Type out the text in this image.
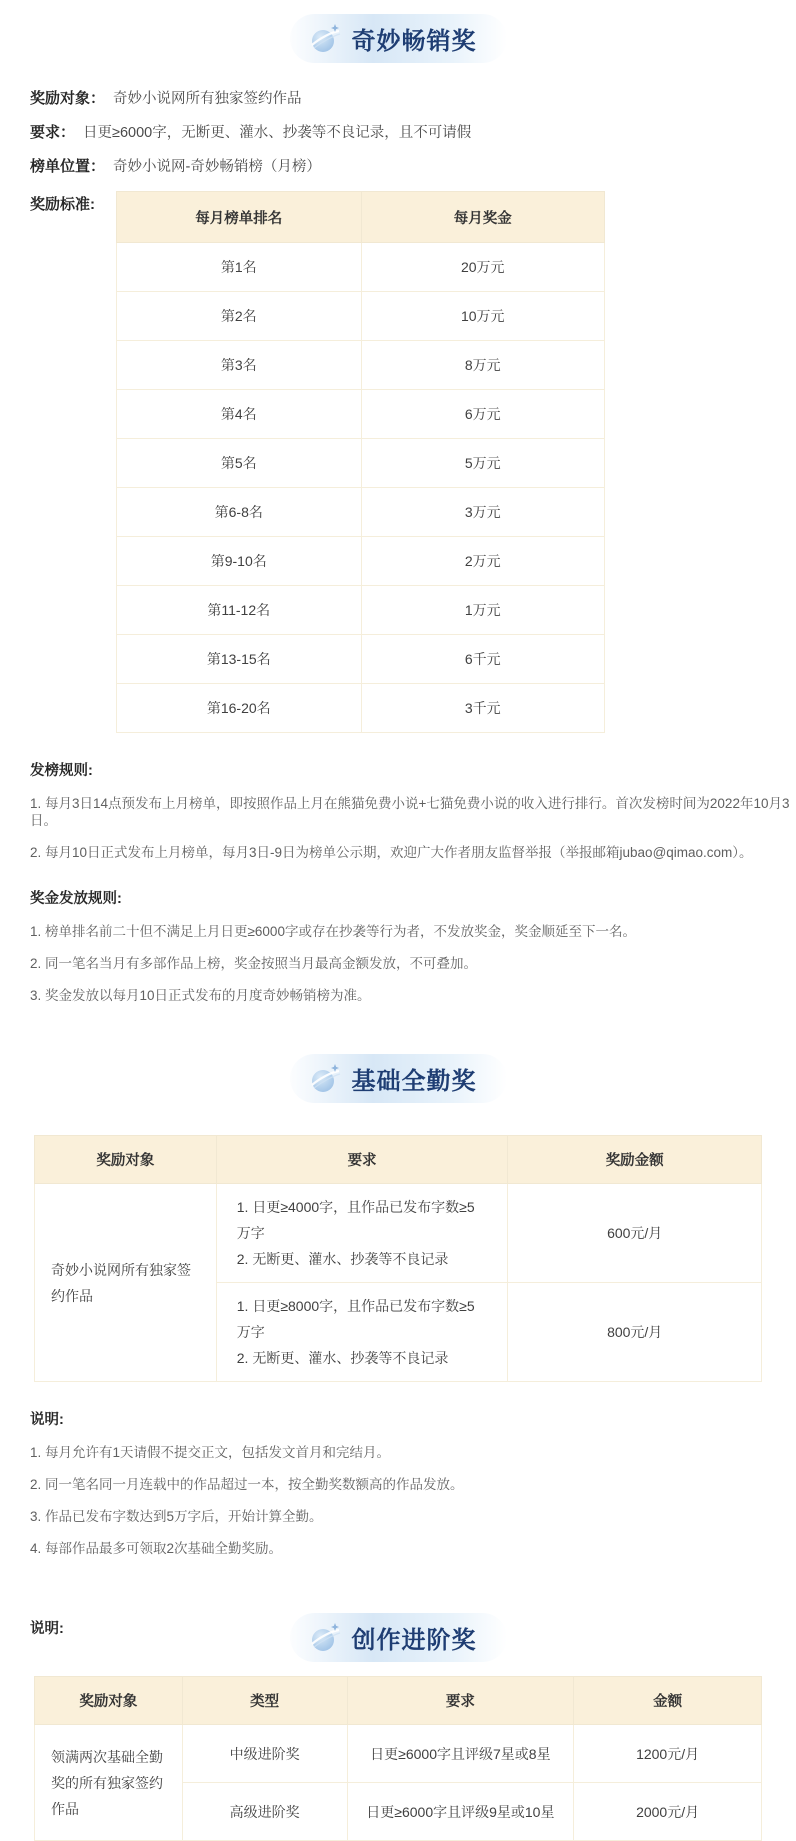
奇妙畅销奖
奖励对象： 奇妙小说网所有独家签约作品
要求： 日更≥6000字，无断更、灌水、抄袭等不良记录，且不可请假
榜单位置： 奇妙小说网-奇妙畅销榜（月榜）
奖励标准:
每月榜单排名	每月奖金
第1名	20万元
第2名	10万元
第3名	8万元
第4名	6万元
第5名	5万元
第6-8名	3万元
第9-10名	2万元
第11-12名	1万元
第13-15名	6千元
第16-20名	3千元
发榜规则:
1. 每月3日14点预发布上月榜单，即按照作品上月在熊猫免费小说+七猫免费小说的收入进行排行。首次发榜时间为2022年10月3日。
2. 每月10日正式发布上月榜单，每月3日-9日为榜单公示期，欢迎广大作者朋友监督举报（举报邮箱jubao@qimao.com）。
奖金发放规则:
1. 榜单排名前二十但不满足上月日更≥6000字或存在抄袭等行为者，不发放奖金，奖金顺延至下一名。
2. 同一笔名当月有多部作品上榜，奖金按照当月最高金额发放，不可叠加。
3. 奖金发放以每月10日正式发布的月度奇妙畅销榜为准。
基础全勤奖
奖励对象	要求	奖励金额
奇妙小说网所有独家签约作品	1. 日更≥4000字，且作品已发布字数≥5万字
2. 无断更、灌水、抄袭等不良记录	600元/月

	1. 日更≥8000字，且作品已发布字数≥5万字
2. 无断更、灌水、抄袭等不良记录	800元/月
说明:
1. 每月允许有1天请假不提交正文，包括发文首月和完结月。
2. 同一笔名同一月连载中的作品超过一本，按全勤奖数额高的作品发放。
3. 作品已发布字数达到5万字后，开始计算全勤。
4. 每部作品最多可领取2次基础全勤奖励。
创作进阶奖
奖励对象	类型	要求	金额
领满两次基础全勤奖的所有独家签约作品	中级进阶奖	日更≥6000字且评级7星或8星	1200元/月
	高级进阶奖	日更≥6000字且评级9星或10星	2000元/月
说明:
